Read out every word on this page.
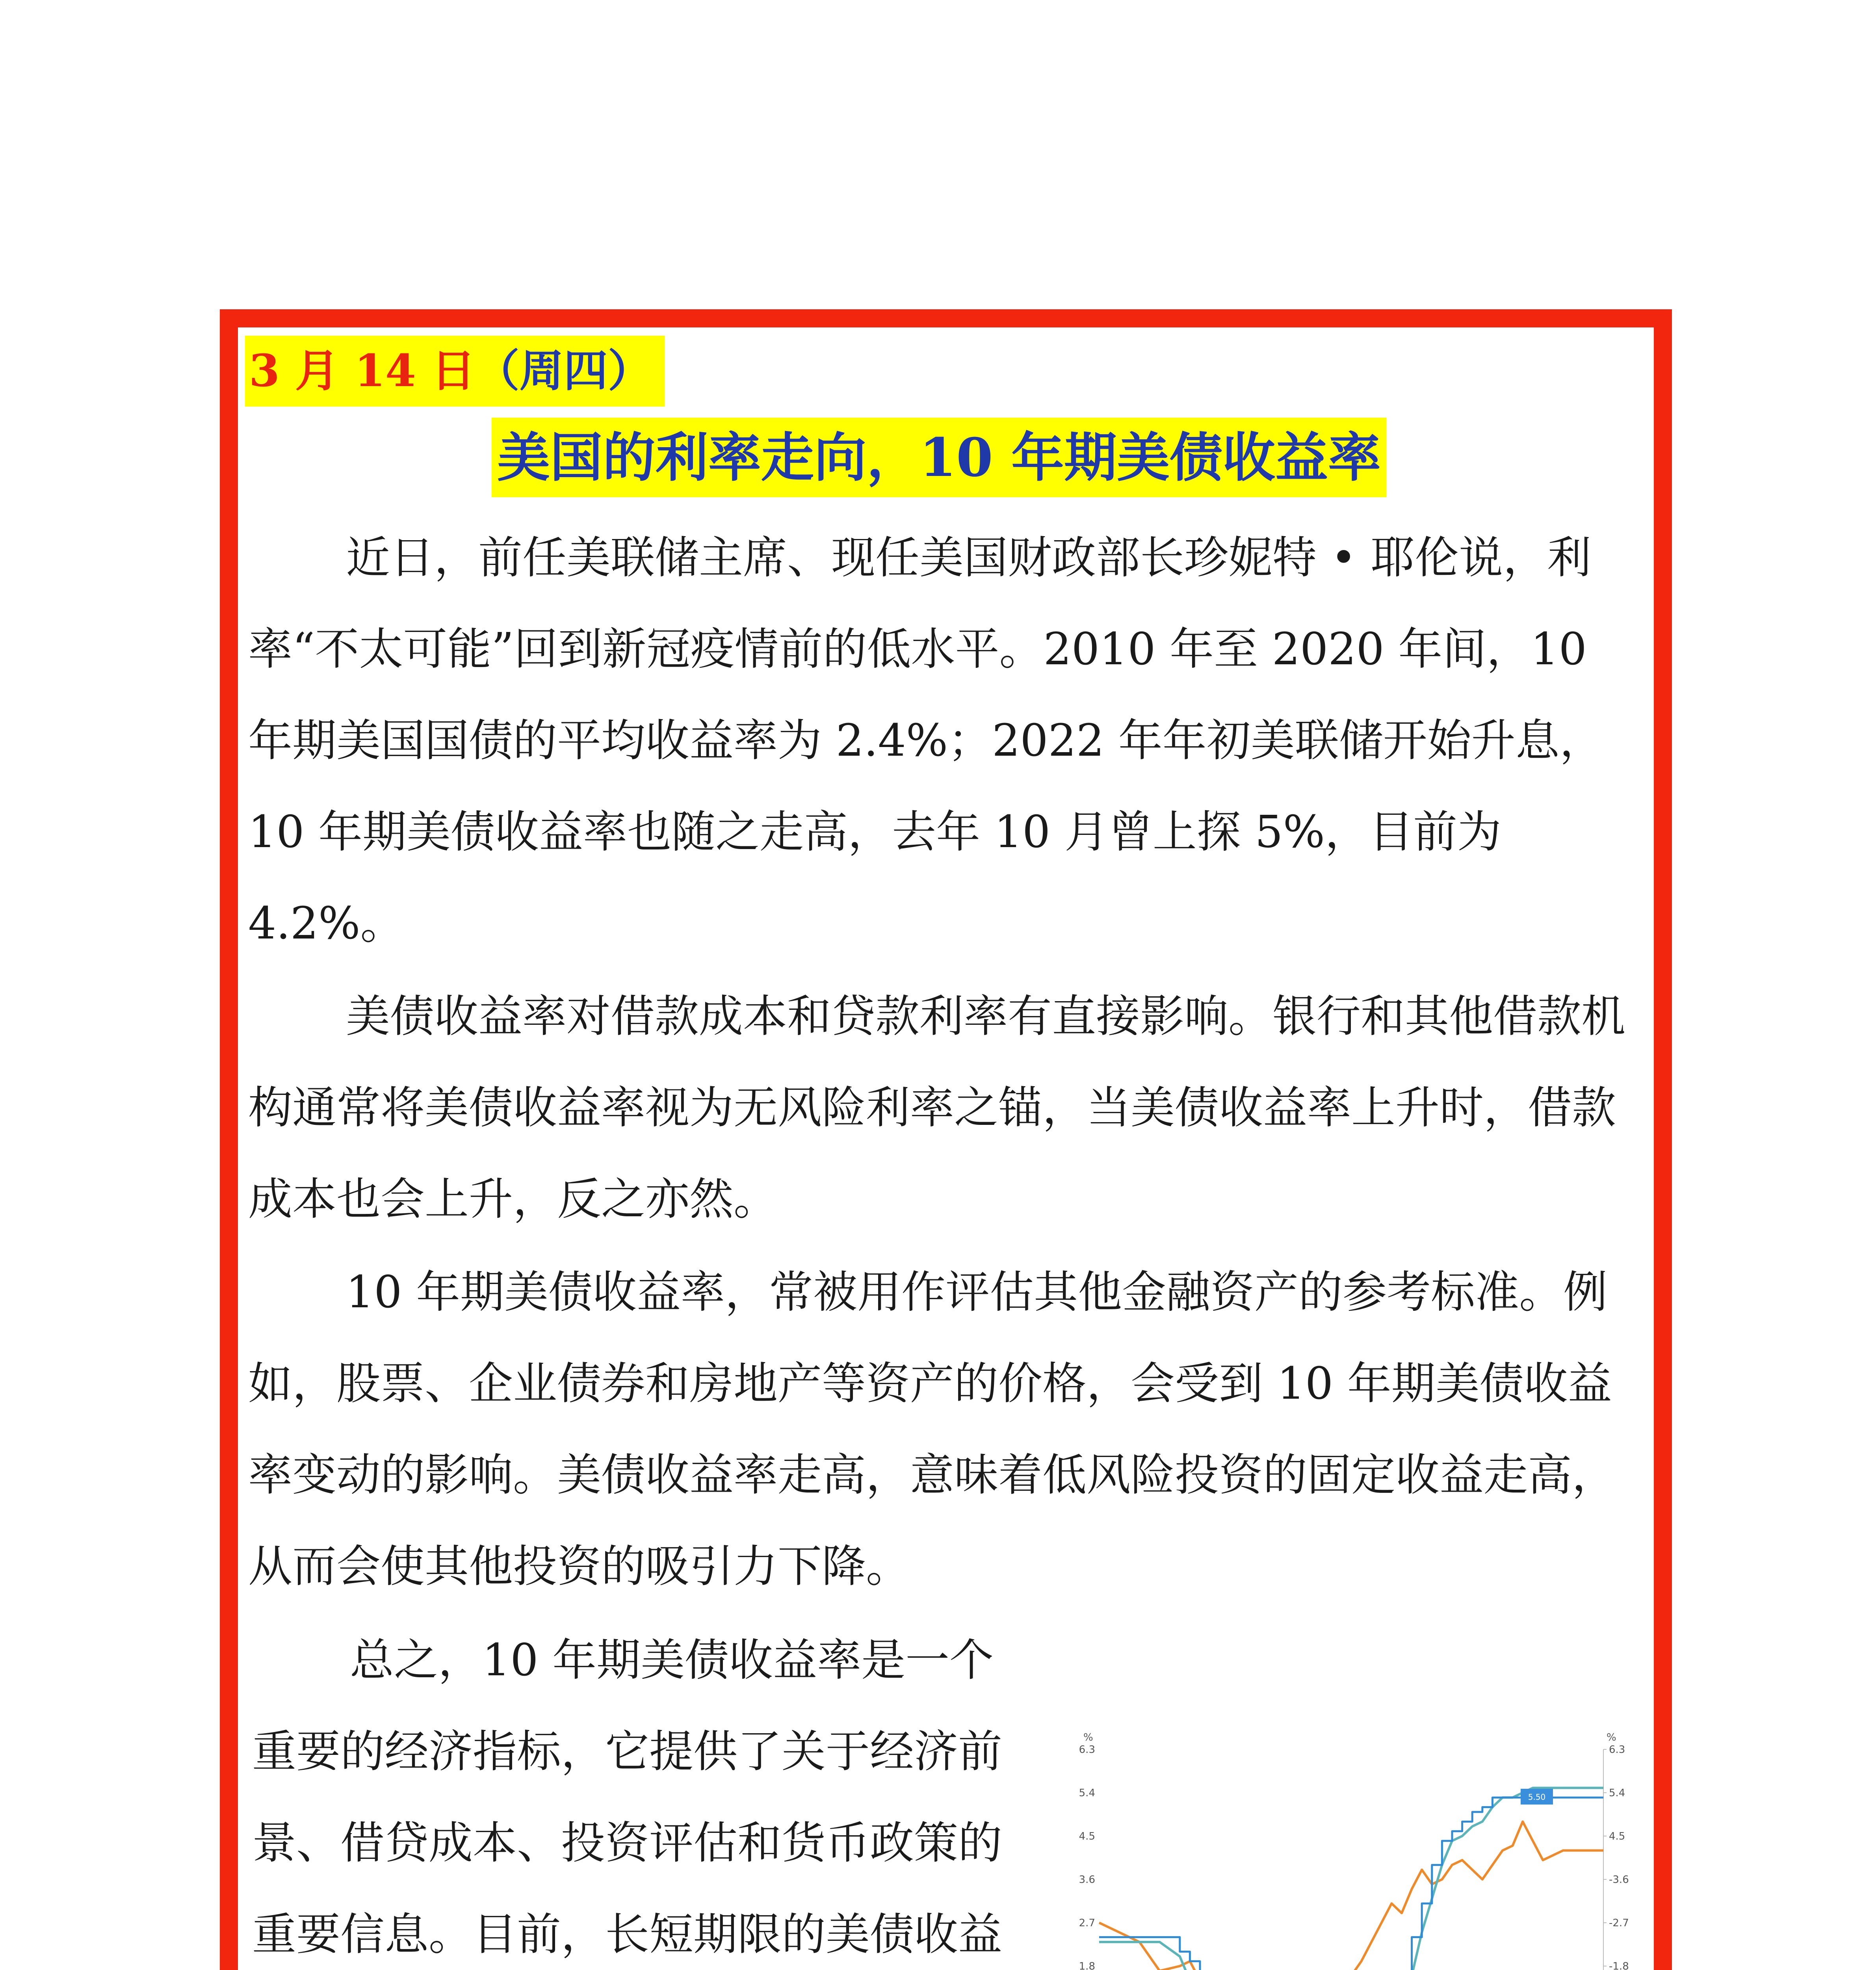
3 月 14 日（周四）
美国的利率走向，10 年期美债收益率

近日，前任美联储主席、现任美国财政部长珍妮特 • 耶伦说，利率“不太可能”回到新冠疫情前的低水平。2010 年至 2020 年间，10 年期美国国债的平均收益率为 2.4%；2022 年年初美联储开始升息，10 年期美债收益率也随之走高，去年 10 月曾上探 5%，目前为 4.2%。

美债收益率对借款成本和贷款利率有直接影响。银行和其他借款机构通常将美债收益率视为无风险利率之锚，当美债收益率上升时，借款成本也会上升，反之亦然。

10 年期美债收益率，常被用作评估其他金融资产的参考标准。例如，股票、企业债券和房地产等资产的价格，会受到 10 年期美债收益率变动的影响。美债收益率走高，意味着低风险投资的固定收益走高，从而会使其他投资的吸引力下降。

总之，10 年期美债收益率是一个重要的经济指标，它提供了关于经济前景、借贷成本、投资评估和货币政策的重要信息。目前，长短期限的美债收益

%	%
1.8
2.7
3.6
4.5
5.4
6.3
-1.8
-2.7
-3.6
4.5
5.4
6.3
5.50
